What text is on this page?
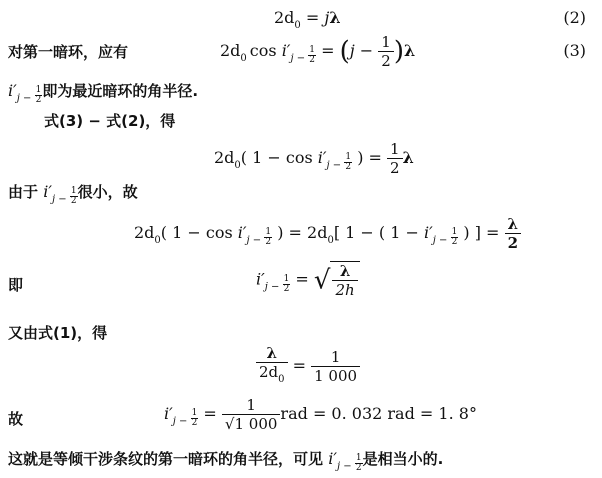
$2d_0 = j\lambda$	(2)
对第一暗环，应有	$2d_0$ $\cos i'_{j -} \frac{1}{2} = (j - \frac{1}{2} )\lambda$	(3)
$i'_{j -} \frac{1}{2}$ 即为最近暗环的角半径.
式(3) − 式(2)，得
$2d_0$( $1 - \cos i'_{j -} \frac{1}{2}$ ) = $\frac{1}{2}$ λ
由于 $i'_{j -} \frac{1}{2}$ 很小，故
$2d_0$( $1 - \cos i'_{j -} \frac{1}{2}$ ) = $2d_0$[ 1 − ( $1 - i'_{j -} \frac{1}{2}$ ) ] = $\frac{\lambda}{2}$
即	$i'_{j -} \frac{1}{2}$ = √ $\frac{\lambda}{2h}$
又由式(1)，得
$\frac{\lambda}{2d_0} = \frac{1}{1 000}$
故	$i'_{j -} \frac{1}{2} = \frac{1}{√1 000}$ rad = 0. 032 rad = 1. 8°
这就是等倾干涉条纹的第一暗环的角半径，可见 $i'_{j -} \frac{1}{2}$ 是相当小的.
